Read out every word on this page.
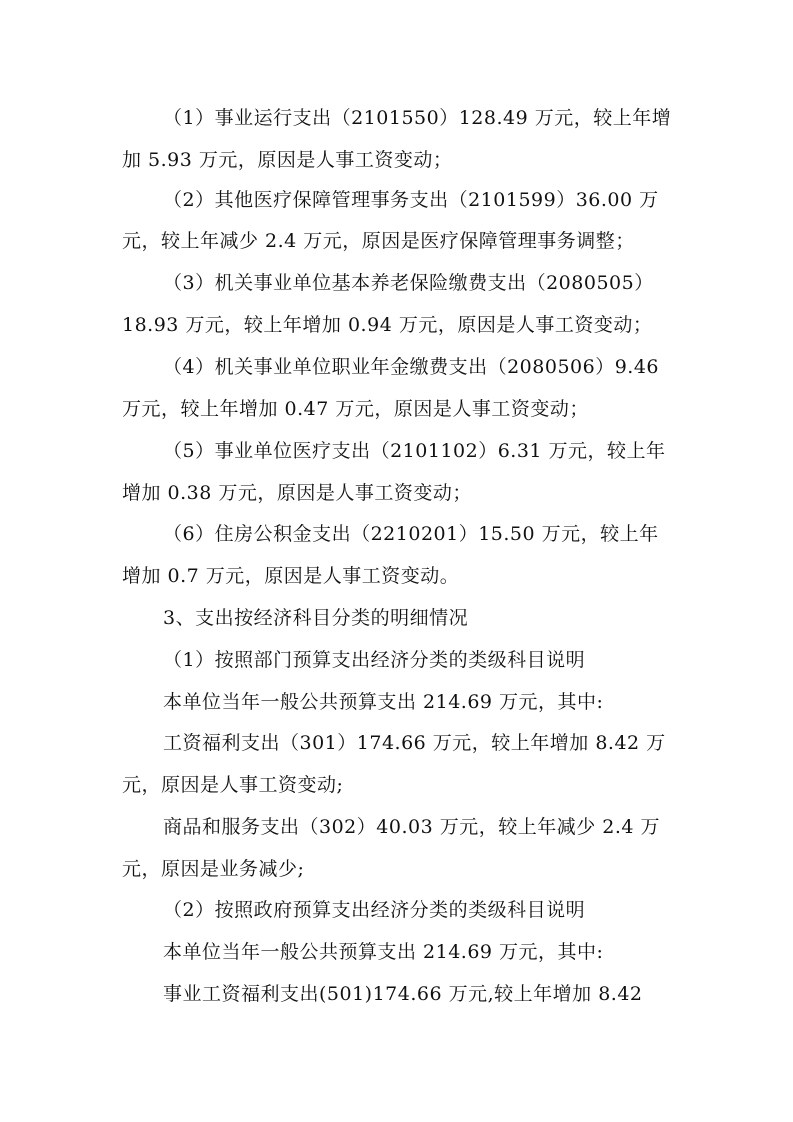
（1）事业运行支出（2101550）128.49 万元，较上年增
加 5.93 万元，原因是人事工资变动；
（2）其他医疗保障管理事务支出（2101599）36.00 万
元，较上年减少 2.4 万元，原因是医疗保障管理事务调整；
（3）机关事业单位基本养老保险缴费支出（2080505）
18.93 万元，较上年增加 0.94 万元，原因是人事工资变动；
（4）机关事业单位职业年金缴费支出（2080506）9.46
万元，较上年增加 0.47 万元，原因是人事工资变动；
（5）事业单位医疗支出（2101102）6.31 万元，较上年
增加 0.38 万元，原因是人事工资变动；
（6）住房公积金支出（2210201）15.50 万元，较上年
增加 0.7 万元，原因是人事工资变动。
3、支出按经济科目分类的明细情况
（1）按照部门预算支出经济分类的类级科目说明
本单位当年一般公共预算支出 214.69 万元，其中:
工资福利支出（301）174.66 万元，较上年增加 8.42 万
元，原因是人事工资变动;
商品和服务支出（302）40.03 万元，较上年减少 2.4 万
元，原因是业务减少;
（2）按照政府预算支出经济分类的类级科目说明
本单位当年一般公共预算支出 214.69 万元，其中:
事业工资福利支出(501)174.66 万元,较上年增加 8.42
